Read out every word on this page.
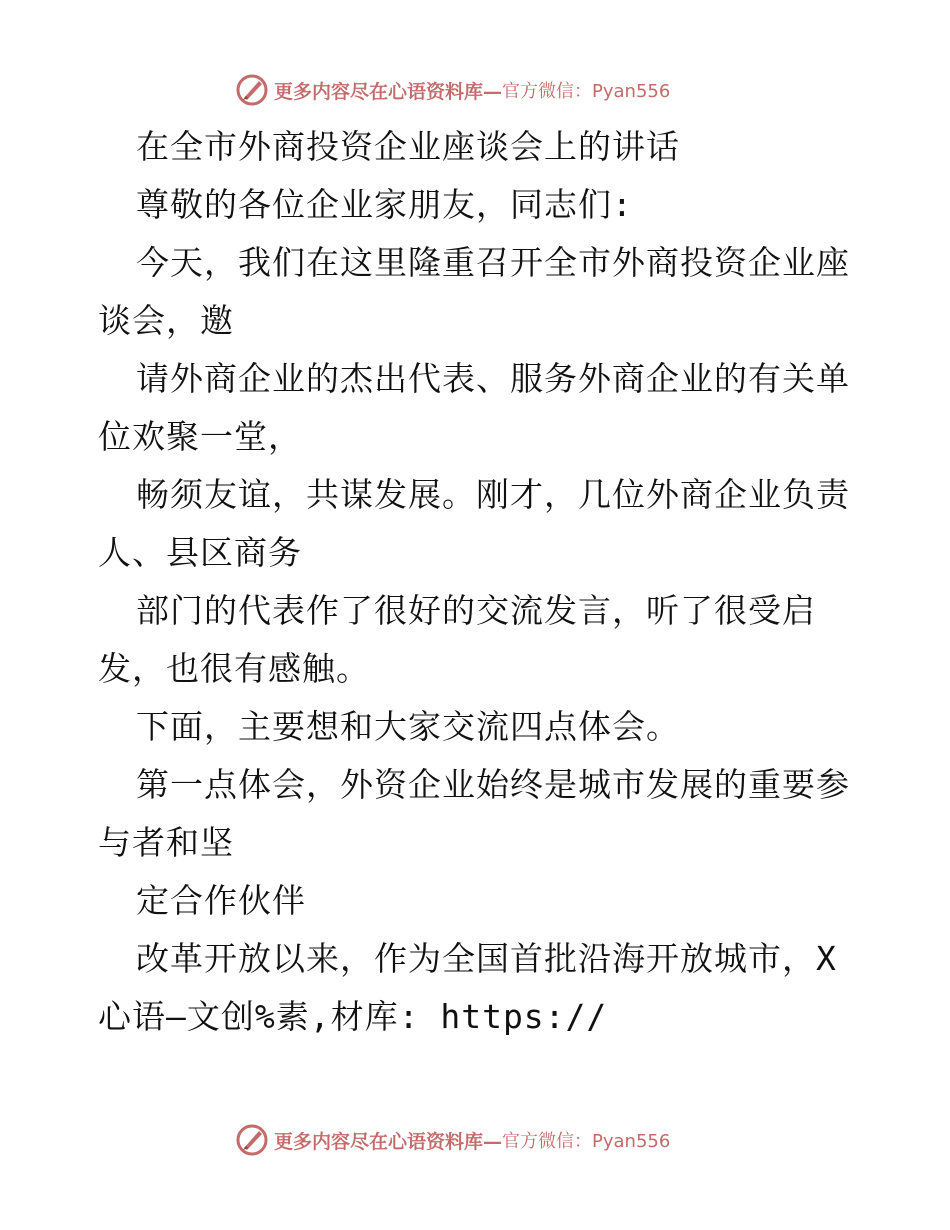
更多内容尽在心语资料库— 官方微信：Pyan556
在全市外商投资企业座谈会上的讲话
尊敬的各位企业家朋友，同志们:
今天，我们在这里隆重召开全市外商投资企业座
谈会，邀
请外商企业的杰出代表、服务外商企业的有关单
位欢聚一堂，
畅须友谊，共谋发展。刚才，几位外商企业负责
人、县区商务
部门的代表作了很好的交流发言，听了很受启
发，也很有感触。
下面，主要想和大家交流四点体会。
第一点体会，外资企业始终是城市发展的重要参
与者和坚
定合作伙伴
改革开放以来，作为全国首批沿海开放城市，X
心语—文创%素,材库: https://
更多内容尽在心语资料库— 官方微信：Pyan556
